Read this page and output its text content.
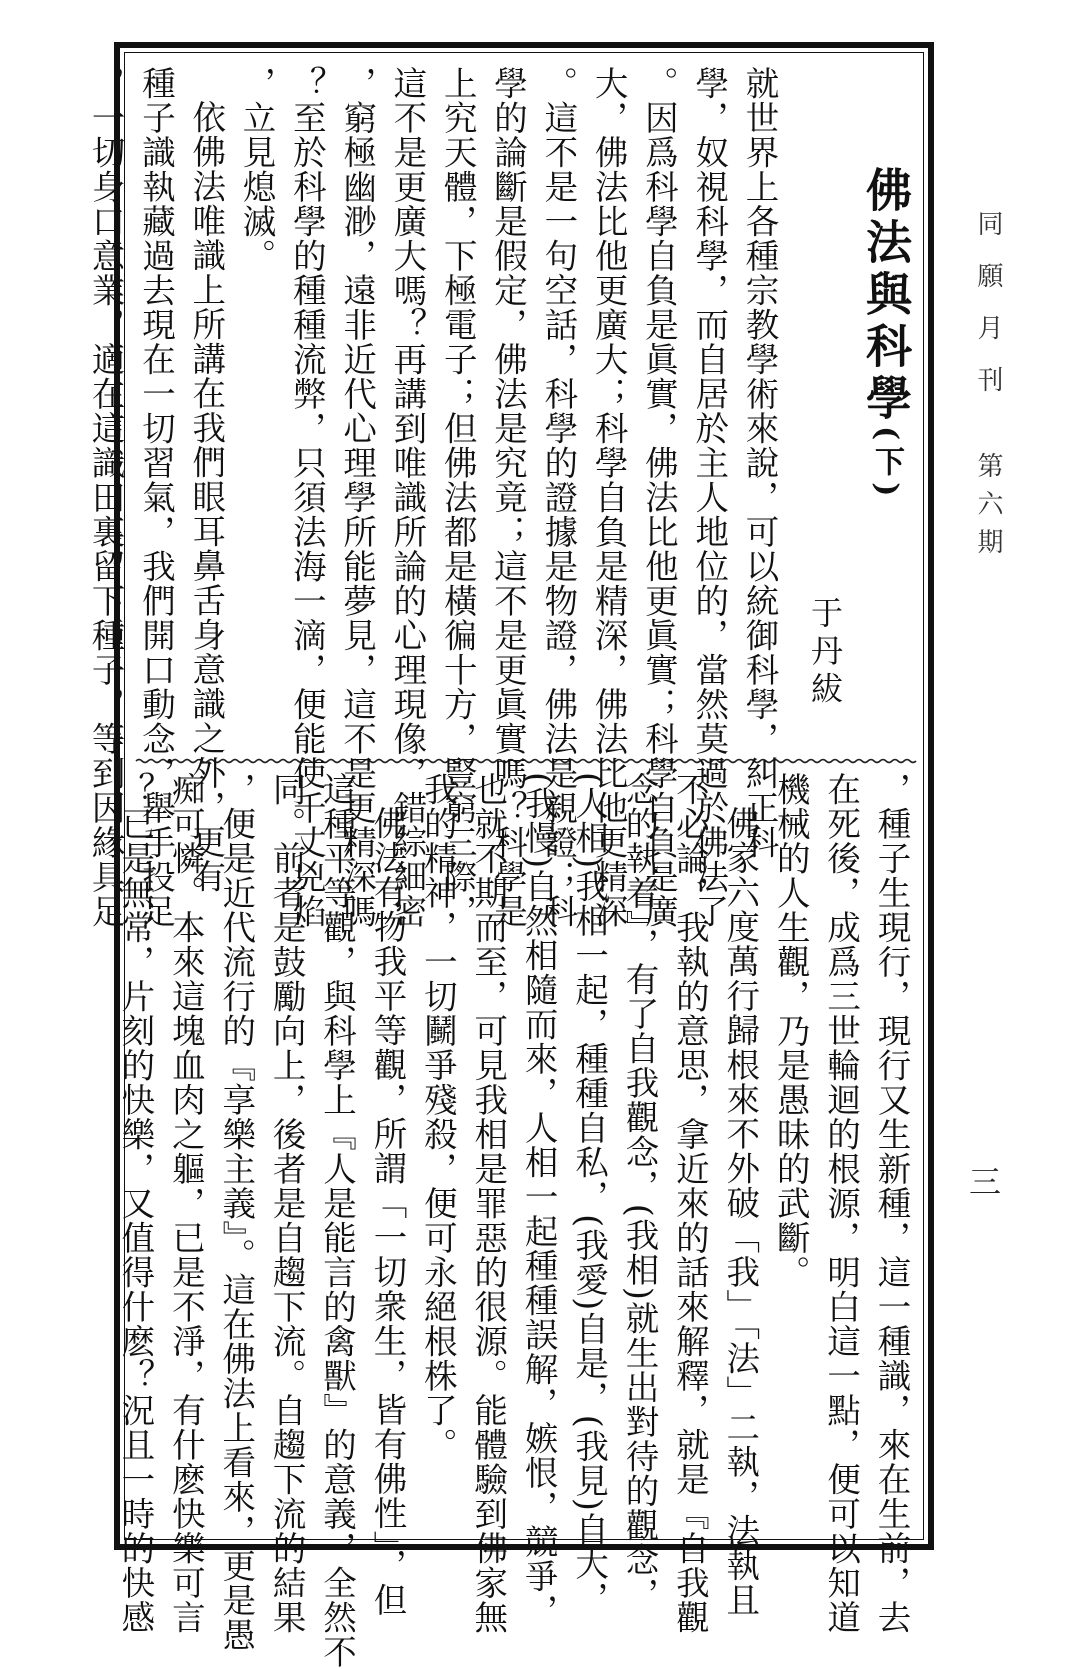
同願月刊 第六期
三
佛法與科學(下)
于丹紱
就世界上各種宗教學術來說，可以統御科學，糾正科
學，奴視科學，而自居於主人地位的，當然莫過於佛法了
。因爲科學自負是眞實，佛法比他更眞實；科學自負是廣
大，佛法比他更廣大；科學自負是精深，佛法比他更精深
。這不是一句空話，科學的證據是物證，佛法是親證；科
學的論斷是假定，佛法是究竟；這不是更眞實嗎？科學是
上究天體，下極電子；但佛法都是橫徧十方，豎窮三際，
這不是更廣大嗎？再講到唯識所論的心理現像，錯綜細密
，窮極幽渺，遠非近代心理學所能夢見，這不是更精深嗎
？至於科學的種種流弊，只須法海一滴，便能使千丈兇焰
，立見熄滅。
依佛法唯識上所講在我們眼耳鼻舌身意識之外，更有
種子識執藏過去現在一切習氣，我們開口動念，舉手投足
，一切身口意業，適在這識田裏留下種子，等到因緣具足
，種子生現行，現行又生新種，這一種識，來在生前，去
在死後，成爲三世輪迴的根源，明白這一點，便可以知道
機械的人生觀，乃是愚昧的武斷。
佛家六度萬行歸根來不外破「我」「法」二執，法執且
不必論，我執的意思，拿近來的話來解釋，就是『自我觀
念的執着』，有了自我觀念，(我相)就生出對待的觀念，
(人相)我相一起，種種自私，(我愛)自是，(我見)自大，
(我慢)自然相隨而來，人相一起種種誤解，嫉恨，競爭，
也就不期而至，可見我相是罪惡的很源。能體驗到佛家無
我的精神，一切鬭爭殘殺，便可永絕根株了。
佛法有物我平等觀，所謂「一切衆生，皆有佛性」，但
這種平等觀，與科學上『人是能言的禽獸』的意義，全然不
同。前者是鼓勵向上，後者是自趨下流。自趨下流的結果
，便是近代流行的『享樂主義』。這在佛法上看來，更是愚
痴可憐。本來這塊血肉之軀，已是不淨，有什麽快樂可言
？已是無常，片刻的快樂，又值得什麽？況且一時的快感
